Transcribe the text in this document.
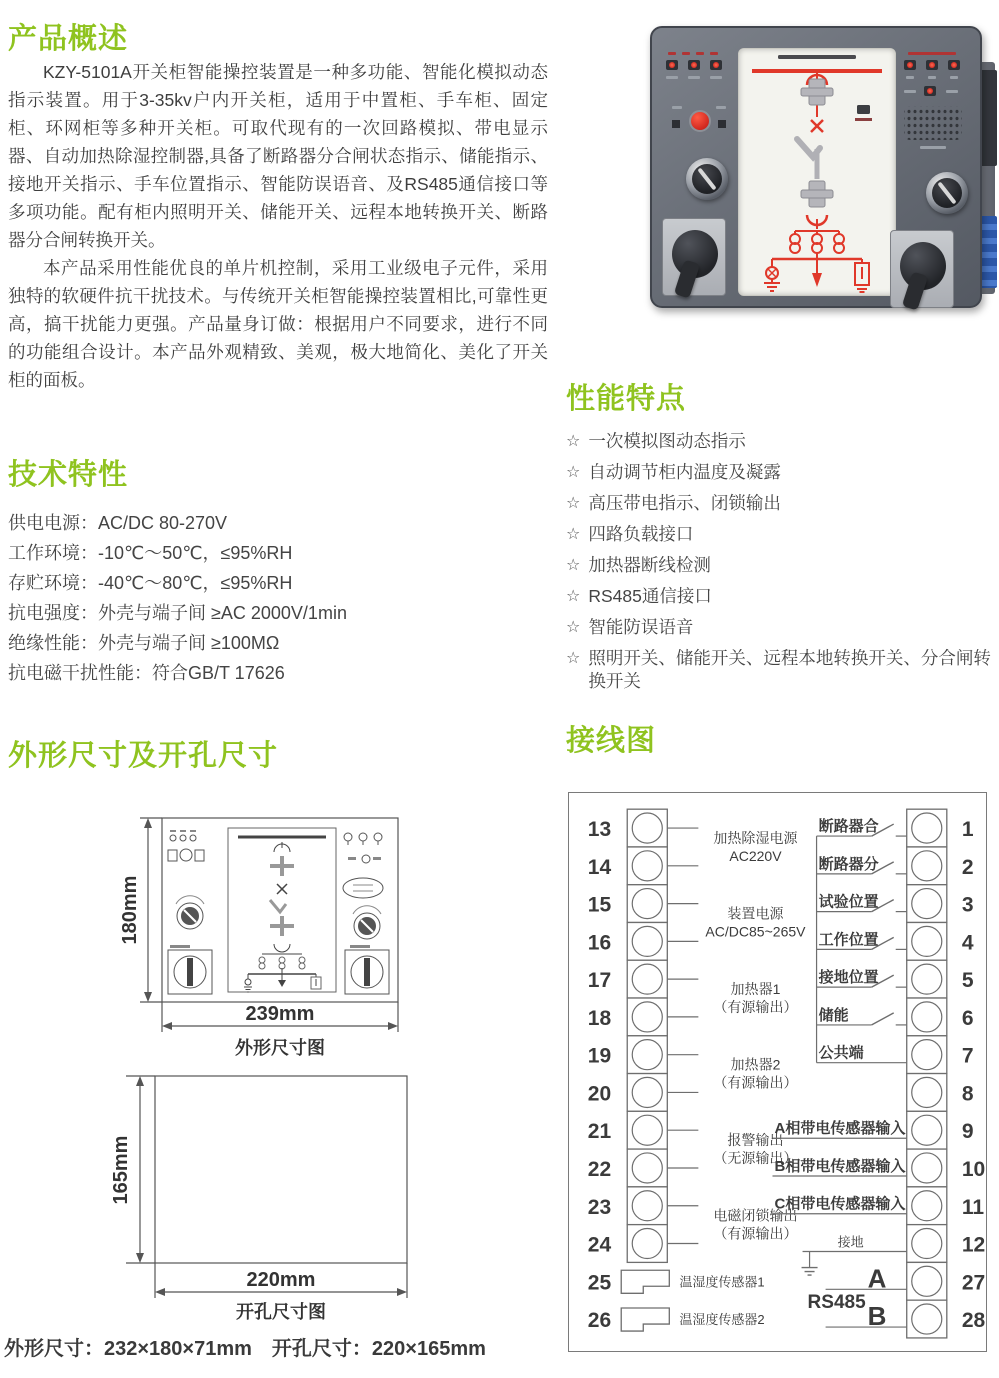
产品概述

KZY-5101A开关柜智能操控装置是一种多功能、智能化模拟动态指示装置。用于3-35kv户内开关柜，适用于中置柜、手车柜、固定柜、环网柜等多种开关柜。可取代现有的一次回路模拟、带电显示器、自动加热除湿控制器,具备了断路器分合闸状态指示、储能指示、接地开关指示、手车位置指示、智能防误语音、及RS485通信接口等多项功能。配有柜内照明开关、储能开关、远程本地转换开关、断路器分合闸转换开关。

本产品采用性能优良的单片机控制，采用工业级电子元件，采用独特的软硬件抗干扰技术。与传统开关柜智能操控装置相比,可靠性更高，搞干扰能力更强。产品量身订做：根据用户不同要求，进行不同的功能组合设计。本产品外观精致、美观，极大地简化、美化了开关柜的面板。

技术特性
供电电源：AC/DC 80-270V
工作环境：-10℃～50℃，≤95%RH
存贮环境：-40℃～80℃，≤95%RH
抗电强度：外壳与端子间 ≥AC 2000V/1min
绝缘性能：外壳与端子间 ≥100MΩ
抗电磁干扰性能：符合GB/T 17626
外形尺寸及开孔尺寸
180mm
239mm
外形尺寸图
165mm
220mm
开孔尺寸图
外形尺寸：232×180×71mm　开孔尺寸：220×165mm
性能特点
☆ 一次模拟图动态指示
☆ 自动调节柜内温度及凝露
☆ 高压带电指示、闭锁输出
☆ 四路负载接口
☆ 加热器断线检测
☆ RS485通信接口
☆ 智能防误语音
☆ 照明开关、储能开关、远程本地转换开关、分合闸转换开关
接线图
温湿度传感器1
温湿度传感器2
13
14
15
16
17
18
19
20
21
22
23
24
25
26
加热除湿电源
AC220V
装置电源
AC/DC85~265V
加热器1
（有源输出）
加热器2
（有源输出）
报警输出
（无源输出）
电磁闭锁输出
（有源输出）
1
断路器合
2
断路器分
3
试验位置
4
工作位置
5
接地位置
6
储能
7
公共端
8
9
A相带电传感器输入
10
B相带电传感器输入
11
C相带电传感器输入
12
接地
27
A
28
B
RS485
